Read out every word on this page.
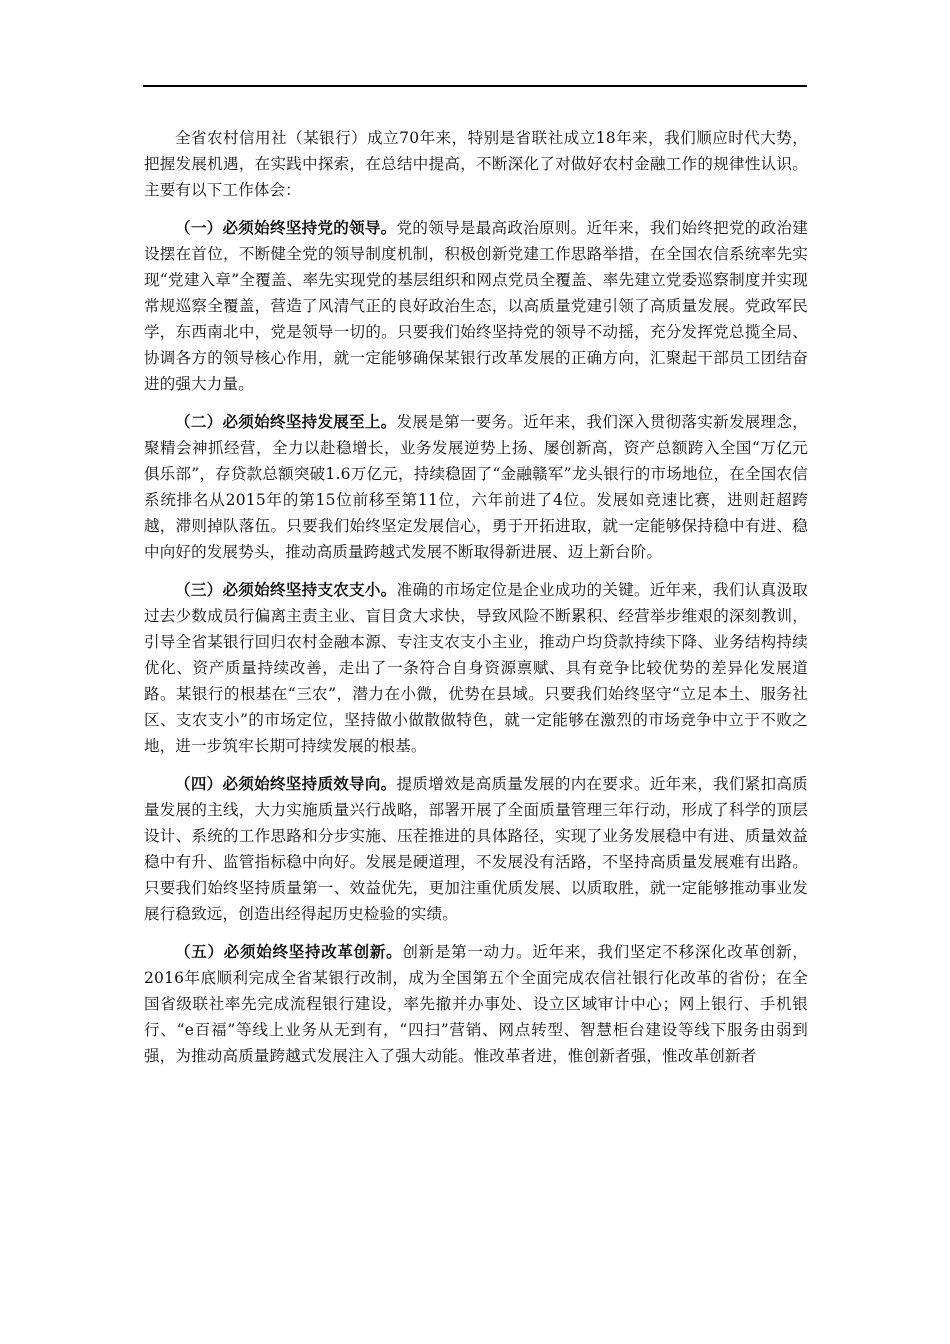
全省农村信用社（某银行）成立70年来，特别是省联社成立18年来，我们顺应时代大势，把握发展机遇，在实践中探索，在总结中提高，不断深化了对做好农村金融工作的规律性认识。主要有以下工作体会：

（一）必须始终坚持党的领导。党的领导是最高政治原则。近年来，我们始终把党的政治建设摆在首位，不断健全党的领导制度机制，积极创新党建工作思路举措，在全国农信系统率先实现“党建入章”全覆盖、率先实现党的基层组织和网点党员全覆盖、率先建立党委巡察制度并实现常规巡察全覆盖，营造了风清气正的良好政治生态，以高质量党建引领了高质量发展。党政军民学，东西南北中，党是领导一切的。只要我们始终坚持党的领导不动摇，充分发挥党总揽全局、协调各方的领导核心作用，就一定能够确保某银行改革发展的正确方向，汇聚起干部员工团结奋进的强大力量。

（二）必须始终坚持发展至上。发展是第一要务。近年来，我们深入贯彻落实新发展理念，聚精会神抓经营，全力以赴稳增长，业务发展逆势上扬、屡创新高，资产总额跨入全国“万亿元俱乐部”，存贷款总额突破1.6万亿元，持续稳固了“金融赣军”龙头银行的市场地位，在全国农信系统排名从2015年的第15位前移至第11位，六年前进了4位。发展如竞速比赛，进则赶超跨越，滞则掉队落伍。只要我们始终坚定发展信心，勇于开拓进取，就一定能够保持稳中有进、稳中向好的发展势头，推动高质量跨越式发展不断取得新进展、迈上新台阶。

（三）必须始终坚持支农支小。准确的市场定位是企业成功的关键。近年来，我们认真汲取过去少数成员行偏离主责主业、盲目贪大求快，导致风险不断累积、经营举步维艰的深刻教训，引导全省某银行回归农村金融本源、专注支农支小主业，推动户均贷款持续下降、业务结构持续优化、资产质量持续改善，走出了一条符合自身资源禀赋、具有竞争比较优势的差异化发展道路。某银行的根基在“三农”，潜力在小微，优势在县域。只要我们始终坚守“立足本土、服务社区、支农支小”的市场定位，坚持做小做散做特色，就一定能够在激烈的市场竞争中立于不败之地，进一步筑牢长期可持续发展的根基。

（四）必须始终坚持质效导向。提质增效是高质量发展的内在要求。近年来，我们紧扣高质量发展的主线，大力实施质量兴行战略，部署开展了全面质量管理三年行动，形成了科学的顶层设计、系统的工作思路和分步实施、压茬推进的具体路径，实现了业务发展稳中有进、质量效益稳中有升、监管指标稳中向好。发展是硬道理，不发展没有活路，不坚持高质量发展难有出路。只要我们始终坚持质量第一、效益优先，更加注重优质发展、以质取胜，就一定能够推动事业发展行稳致远，创造出经得起历史检验的实绩。

（五）必须始终坚持改革创新。创新是第一动力。近年来，我们坚定不移深化改革创新，2016年底顺利完成全省某银行改制，成为全国第五个全面完成农信社银行化改革的省份；在全国省级联社率先完成流程银行建设，率先撤并办事处、设立区域审计中心；网上银行、手机银行、“e百福”等线上业务从无到有，“四扫”营销、网点转型、智慧柜台建设等线下服务由弱到强，为推动高质量跨越式发展注入了强大动能。惟改革者进，惟创新者强，惟改革创新者
